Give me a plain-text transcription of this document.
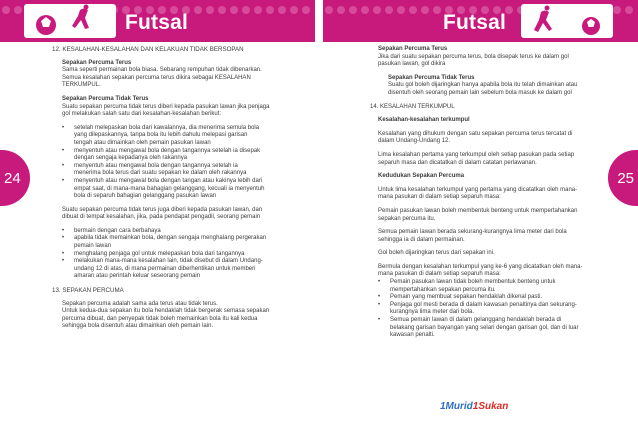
Futsal	Futsal
24	25
12. KESALAHAN-KESALAHAN DAN KELAKUAN TIDAK BERSOPAN
Sepakan Percuma Terus
Sama seperti permainan bola biasa. Sebarang rempuhan tidak dibenarkan.
Semua kesalahan sepakan percuma terus dikira sebagai KESALAHAN
TERKUMPUL.
Sepakan Percuma Tidak Terus
Suatu sepakan percuma tidak terus diberi kepada pasukan lawan jika penjaga
gol melakukan salah satu dari kesalahan-kesalahan berikut:
• setelah melepaskan bola dari kawalannya, dia menerima semula bola
yang dilepaskannya, tanpa bola itu lebih dahulu melepasi garisan
tengah atau dimainkan oleh pemain pasukan lawan
• menyentuh atau mengawal bola dengan tangannya setelah ia disepak
dengan sengaja kepadanya oleh rakannya
• menyentuh atau mengawal bola dengan tangannya setelah ia
menerima bola terus dari suatu sepakan ke dalam oleh rakannya
• menyentuh atau mengawal bola dengan tangan atau kakinya lebih dari
empat saat, di mana-mana bahagian gelanggang, kecuali ia menyentuh
bola di separuh bahagian gelanggang pasukan lawan
Suatu sepakan percuma tidak terus juga diberi kepada pasukan lawan, dan
dibuat di tempat kesalahan, jika, pada pendapat pengadil, seorang pemain
• bermain dengan cara berbahaya
• apabila tidak memainkan bola, dengan sengaja menghalang pergerakan
pemain lawan
• menghalang penjaga gol untuk melepaskan bola dari tangannya
• melakukan mana-mana kesalahan lain, tidak disebut di dalam Undang-
undang 12 di atas, di mana permainan diberhentikan untuk memberi
amaran atau perintah keluar seseorang pemain
13. SEPAKAN PERCUMA
Sepakan percuma adalah sama ada terus atau tidak terus.
Untuk kedua-dua sepakan itu bola hendaklah tidak bergerak semasa sepakan
percuma dibuat, dan penyepak tidak boleh memainkan bola itu kali kedua
sehingga bola disentuh atau dimainkan oleh pemain lain.
Sepakan Percuma Terus
Jika dari suatu sepakan percuma terus, bola disepak terus ke dalam gol
pasukan lawan, gol dikira
Sepakan Percuma Tidak Terus
Suatu gol boleh dijaringkan hanya apabila bola itu telah dimainkan atau
disentuh oleh seorang pemain lain sebelum bola masuk ke dalam gol
14. KESALAHAN TERKUMPUL
Kesalahan-kesalahan terkumpul
Kesalahan yang dihukum dengan satu sepakan percuma terus tercatat di
dalam Undang-Undang 12.
Lima kesalahan pertama yang terkumpul oleh setiap pasukan pada setiap
separuh masa dan dicatatkan di dalam catatan perlawanan.
Kedudukan Sepakan Percuma
Untuk lima kesalahan terkumpul yang pertama yang dicatatkan oleh mana-
mana pasukan di dalam setiap separuh masa:
Pemain pasukan lawan boleh membentuk benteng untuk mempertahankan
sepakan percuma itu.
Semua pemain lawan berada sekurang-kurangnya lima meter dari bola
sehingga ia di dalam permainan.
Gol boleh dijaringkan terus dari sepakan ini.
Bermula dengan kesalahan terkumpul yang ke-6 yang dicatatkan oleh mana-
mana pasukan di dalam setiap separuh masa:
• Pemain pasukan lawan tidak boleh membentuk benteng untuk
mempertahankan sepakan percuma itu.
• Pemain yang membuat sepakan hendaklah dikenal pasti.
• Penjaga gol mesti berada di dalam kawasan penaltinya dan sekurang-
kurangnya lima meter dari bola.
• Semua pemain lawan di dalam gelanggang hendaklah berada di
belakang garisan bayangan yang selari dengan garisan gol, dan di luar
kawasan penalti.
1Murid1Sukan
